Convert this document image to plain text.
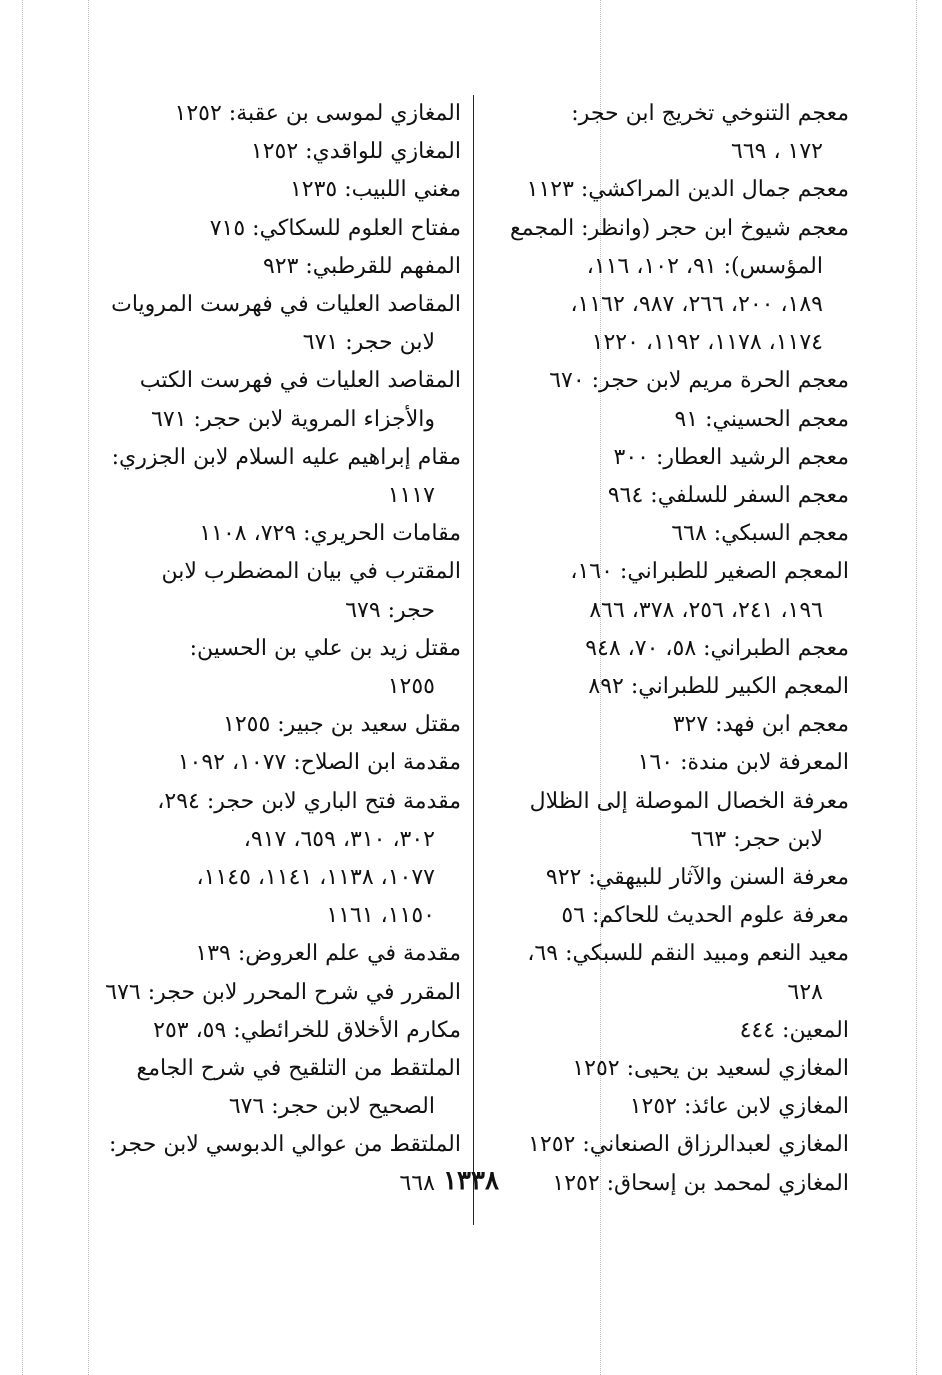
معجم التنوخي تخريج ابن حجر:
١٧٢ ، ٦٦٩
معجم جمال الدين المراكشي: ١١٢٣
معجم شيوخ ابن حجر (وانظر: المجمع
المؤسس): ٩١، ١٠٢، ١١٦،
١٨٩، ٢٠٠، ٢٦٦، ٩٨٧، ١١٦٢،
١١٧٤، ١١٧٨، ١١٩٢، ١٢٢٠
معجم الحرة مريم لابن حجر: ٦٧٠
معجم الحسيني: ٩١
معجم الرشيد العطار: ٣٠٠
معجم السفر للسلفي: ٩٦٤
معجم السبكي: ٦٦٨
المعجم الصغير للطبراني: ١٦٠،
١٩٦، ٢٤١، ٢٥٦، ٣٧٨، ٨٦٦
معجم الطبراني: ٥٨، ٧٠، ٩٤٨
المعجم الكبير للطبراني: ٨٩٢
معجم ابن فهد: ٣٢٧
المعرفة لابن مندة: ١٦٠
معرفة الخصال الموصلة إلى الظلال
لابن حجر: ٦٦٣
معرفة السنن والآثار للبيهقي: ٩٢٢
معرفة علوم الحديث للحاكم: ٥٦
معيد النعم ومبيد النقم للسبكي: ٦٩،
٦٢٨
المعين: ٤٤٤
المغازي لسعيد بن يحيى: ١٢٥٢
المغازي لابن عائذ: ١٢٥٢
المغازي لعبدالرزاق الصنعاني: ١٢٥٢
المغازي لمحمد بن إسحاق: ١٢٥٢
المغازي لموسى بن عقبة: ١٢٥٢
المغازي للواقدي: ١٢٥٢
مغني اللبيب: ١٢٣٥
مفتاح العلوم للسكاكي: ٧١٥
المفهم للقرطبي: ٩٢٣
المقاصد العليات في فهرست المرويات
لابن حجر: ٦٧١
المقاصد العليات في فهرست الكتب
والأجزاء المروية لابن حجر: ٦٧١
مقام إبراهيم عليه السلام لابن الجزري:
١١١٧
مقامات الحريري: ٧٢٩، ١١٠٨
المقترب في بيان المضطرب لابن
حجر: ٦٧٩
مقتل زيد بن علي بن الحسين:
١٢٥٥
مقتل سعيد بن جبير: ١٢٥٥
مقدمة ابن الصلاح: ١٠٧٧، ١٠٩٢
مقدمة فتح الباري لابن حجر: ٢٩٤،
٣٠٢، ٣١٠، ٦٥٩، ٩١٧،
١٠٧٧، ١١٣٨، ١١٤١، ١١٤٥،
١١٥٠، ١١٦١
مقدمة في علم العروض: ١٣٩
المقرر في شرح المحرر لابن حجر: ٦٧٦
مكارم الأخلاق للخرائطي: ٥٩، ٢٥٣
الملتقط من التلقيح في شرح الجامع
الصحيح لابن حجر: ٦٧٦
الملتقط من عوالي الدبوسي لابن حجر:
٦٦٨ ١٣٣٨
